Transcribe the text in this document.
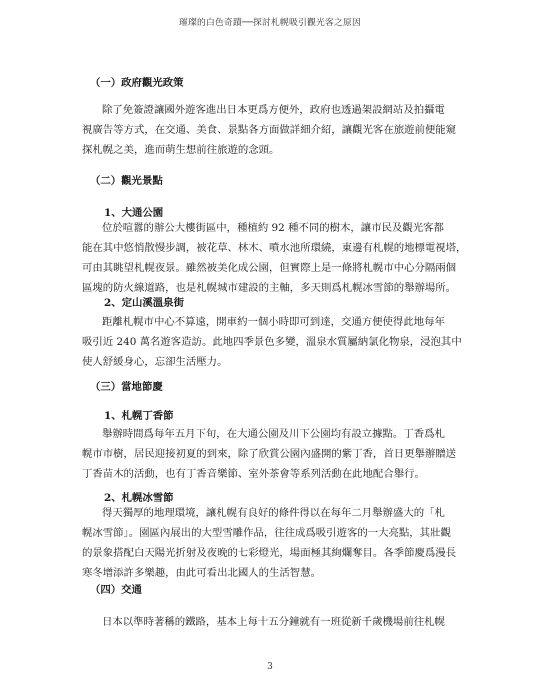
璀璨的白色奇蹟──探討札幌吸引觀光客之原因
（一）政府觀光政策

除了免簽證讓國外遊客進出日本更爲方便外，政府也透過架設網站及拍攝電

視廣告等方式，在交通、美食、景點各方面做詳細介紹，讓觀光客在旅遊前便能窺

探札幌之美，進而萌生想前往旅遊的念頭。

（二）觀光景點
1、大通公園

位於喧囂的辦公大樓街區中，種植約 92 種不同的樹木，讓市民及觀光客都

能在其中悠悄散慢步調，被花草、林木、噴水池所環繞，東邊有札幌的地標電視塔，

可由其眺望札幌夜景。雖然被美化成公園，但實際上是一條將札幌市中心分隔兩個

區塊的防火線道路，也是札幌城市建設的主軸，多天則爲札幌冰雪節的舉辦場所。

2、定山溪溫泉街

距離札幌市中心不算遠，開車約一個小時即可到達，交通方便使得此地每年

吸引近 240 萬名遊客造訪。此地四季景色多變，溫泉水質屬納氯化物泉，浸泡其中

使人舒緩身心，忘卻生活壓力。

（三）當地節慶
1、札幌丁香節

舉辦時間爲每年五月下旬，在大通公園及川下公園均有設立據點。丁香爲札

幌市市樹，居民迎接初夏的到來，除了欣賞公園內盛開的紫丁香，首日更舉辦贈送

丁香苗木的活動，也有丁香音樂節、室外茶會等系列活動在此地配合舉行。

2、札幌冰雪節

得天獨厚的地理環境，讓札幌有良好的條件得以在每年二月舉辦盛大的「札

幌冰雪節」。園區內展出的大型雪雕作品，往往成爲吸引遊客的一大亮點，其壯觀

的景象搭配白天陽光折射及夜晚的七彩燈光，場面極其絢爛奪目。各季節慶爲漫長

寒冬增添許多樂趣，由此可看出北國人的生活智慧。

（四）交通

日本以準時著稱的鐵路，基本上每十五分鐘就有一班從新千歲機場前往札幌

3
